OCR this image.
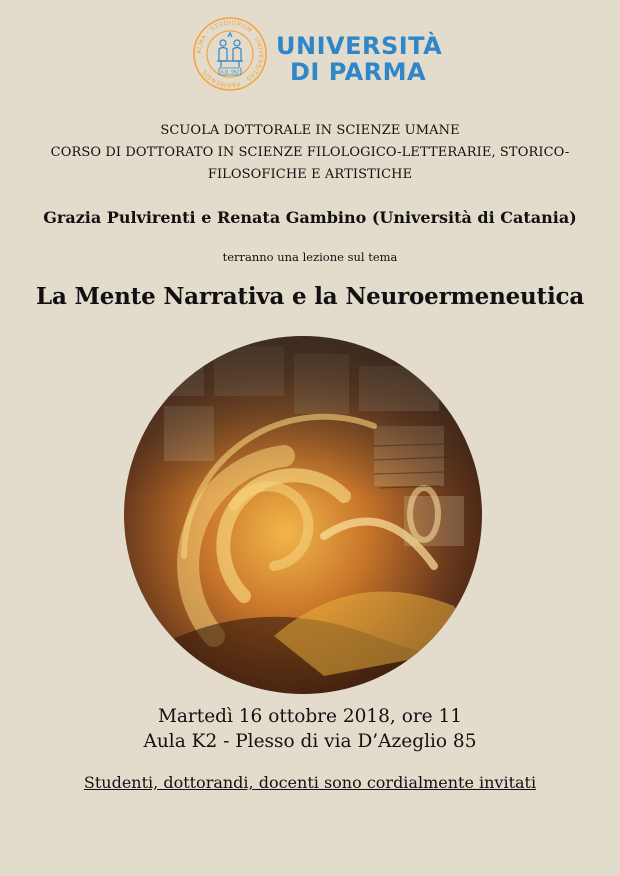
ALMA · STUDIORUM · UNIVERSITAS · PARMENSIS	A.D. 962
UNIVERSITÀ
DI PARMA
SCUOLA DOTTORALE IN SCIENZE UMANE
CORSO DI DOTTORATO IN SCIENZE FILOLOGICO-LETTERARIE, STORICO-
FILOSOFICHE E ARTISTICHE
Grazia Pulvirenti e Renata Gambino (Università di Catania)
terranno una lezione sul tema
La Mente Narrativa e la Neuroermeneutica
Martedì 16 ottobre 2018, ore 11
Aula K2 - Plesso di via D’Azeglio 85
Studenti, dottorandi, docenti sono cordialmente invitati
